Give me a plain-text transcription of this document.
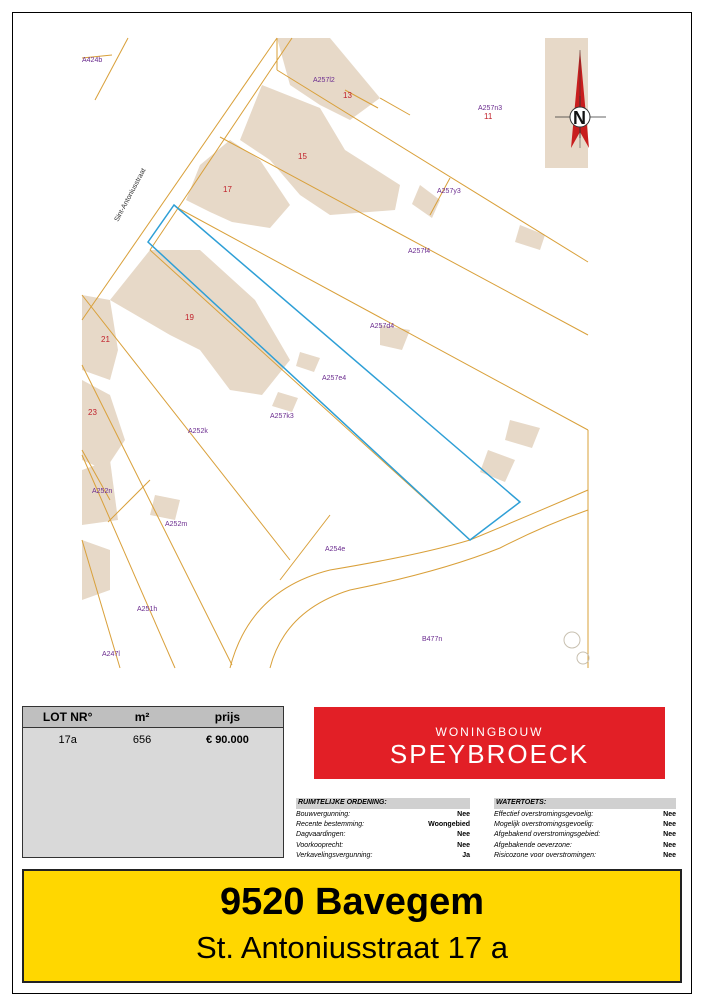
Sint-Antoniusstraat
A424b
A257l2
A257n3
A257y3
A257f4
A257d4
A257e4
A257k3
A252k
A252n
A252m
A254e
A251h
A247l
B477n
13
11
15
17
19
21
23
N
LOT NR°	m²	prijs
17a	656	€ 90.000
WONINGBOUW
SPEYBROECK
RUIMTELIJKE ORDENING:
Bouwvergunning:	Nee
Recente bestemming:	Woongebied
Dagvaardingen:	Nee
Voorkooprecht:	Nee
Verkavelingsvergunning:	Ja
WATERTOETS:
Effectief overstromingsgevoelig:	Nee
Mogelijk overstromingsgevoelig:	Nee
Afgebakend overstromingsgebied:	Nee
Afgebakende oeverzone:	Nee
Risicozone voor overstromingen:	Nee
9520 Bavegem
St. Antoniusstraat 17 a
